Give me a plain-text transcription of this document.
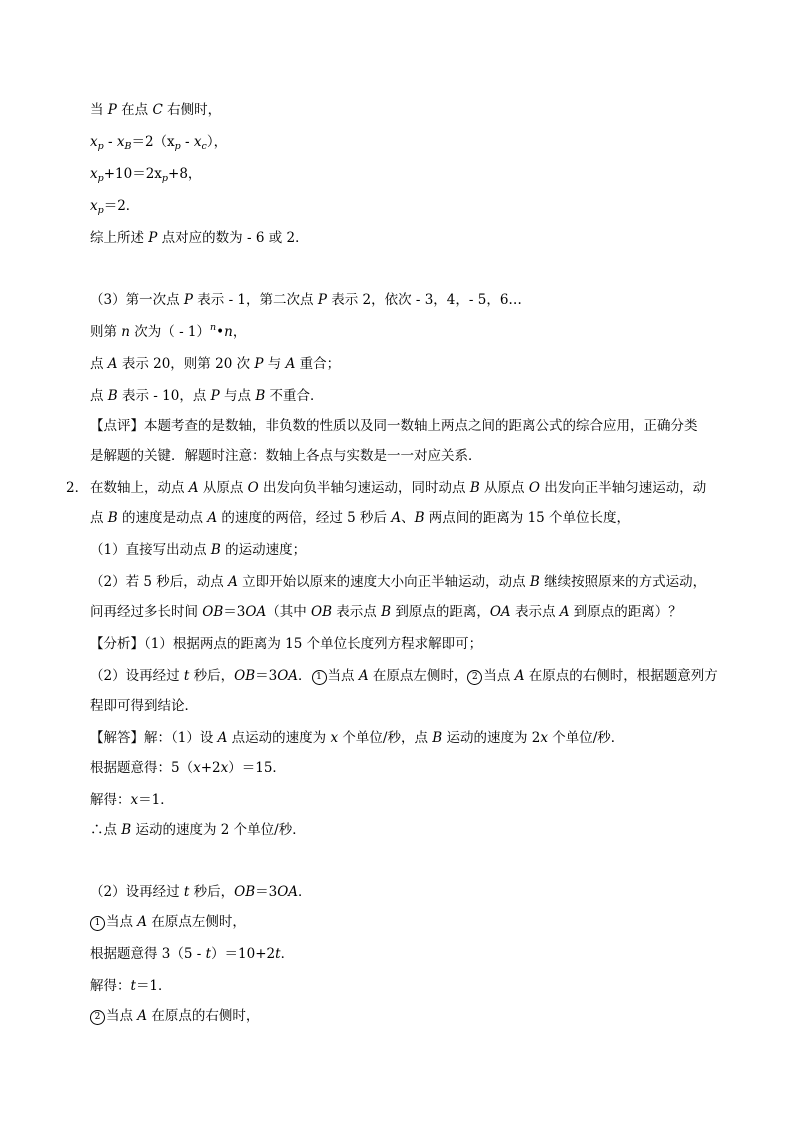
当 P 在点 C 右侧时，
$x_p - x_B=2(x_p - x_c)$，
$x_p+10=2x_p+8$，
$x_p=2$．
综上所述 P 点对应的数为 - 6 或 2．
（3）第一次点 P 表示 - 1，第二次点 P 表示 2，依次 - 3，4，- 5，6…
则第 n 次为（ - 1）$^n$•n，
点 A 表示 20，则第 20 次 P 与 A 重合；
点 B 表示 - 10，点 P 与点 B 不重合．
【点评】本题考查的是数轴，非负数的性质以及同一数轴上两点之间的距离公式的综合应用，正确分类
是解题的关键．解题时注意：数轴上各点与实数是一一对应关系．
2． 在数轴上，动点 A 从原点 O 出发向负半轴匀速运动，同时动点 B 从原点 O 出发向正半轴匀速运动，动
点 B 的速度是动点 A 的速度的两倍，经过 5 秒后 A、B 两点间的距离为 15 个单位长度，
（1）直接写出动点 B 的运动速度；
（2）若 5 秒后，动点 A 立即开始以原来的速度大小向正半轴运动，动点 B 继续按照原来的方式运动，
问再经过多长时间 OB＝3OA（其中 OB 表示点 B 到原点的距离，OA 表示点 A 到原点的距离）？
【分析】（1）根据两点的距离为 15 个单位长度列方程求解即可；
（2）设再经过 t 秒后，OB＝3OA． 1 当点 A 在原点左侧时， 2 当点 A 在原点的右侧时，根据题意列方
程即可得到结论．
【解答】解：（1）设 A 点运动的速度为 x 个单位/秒，点 B 运动的速度为 2x 个单位/秒．
根据题意得：5（x+2x）＝15．
解得：x＝1．
∴点 B 运动的速度为 2 个单位/秒．
（2）设再经过 t 秒后，OB＝3OA．
1 当点 A 在原点左侧时，
根据题意得 3（5 - t）＝10+2t．
解得：t＝1．
2 当点 A 在原点的右侧时，
